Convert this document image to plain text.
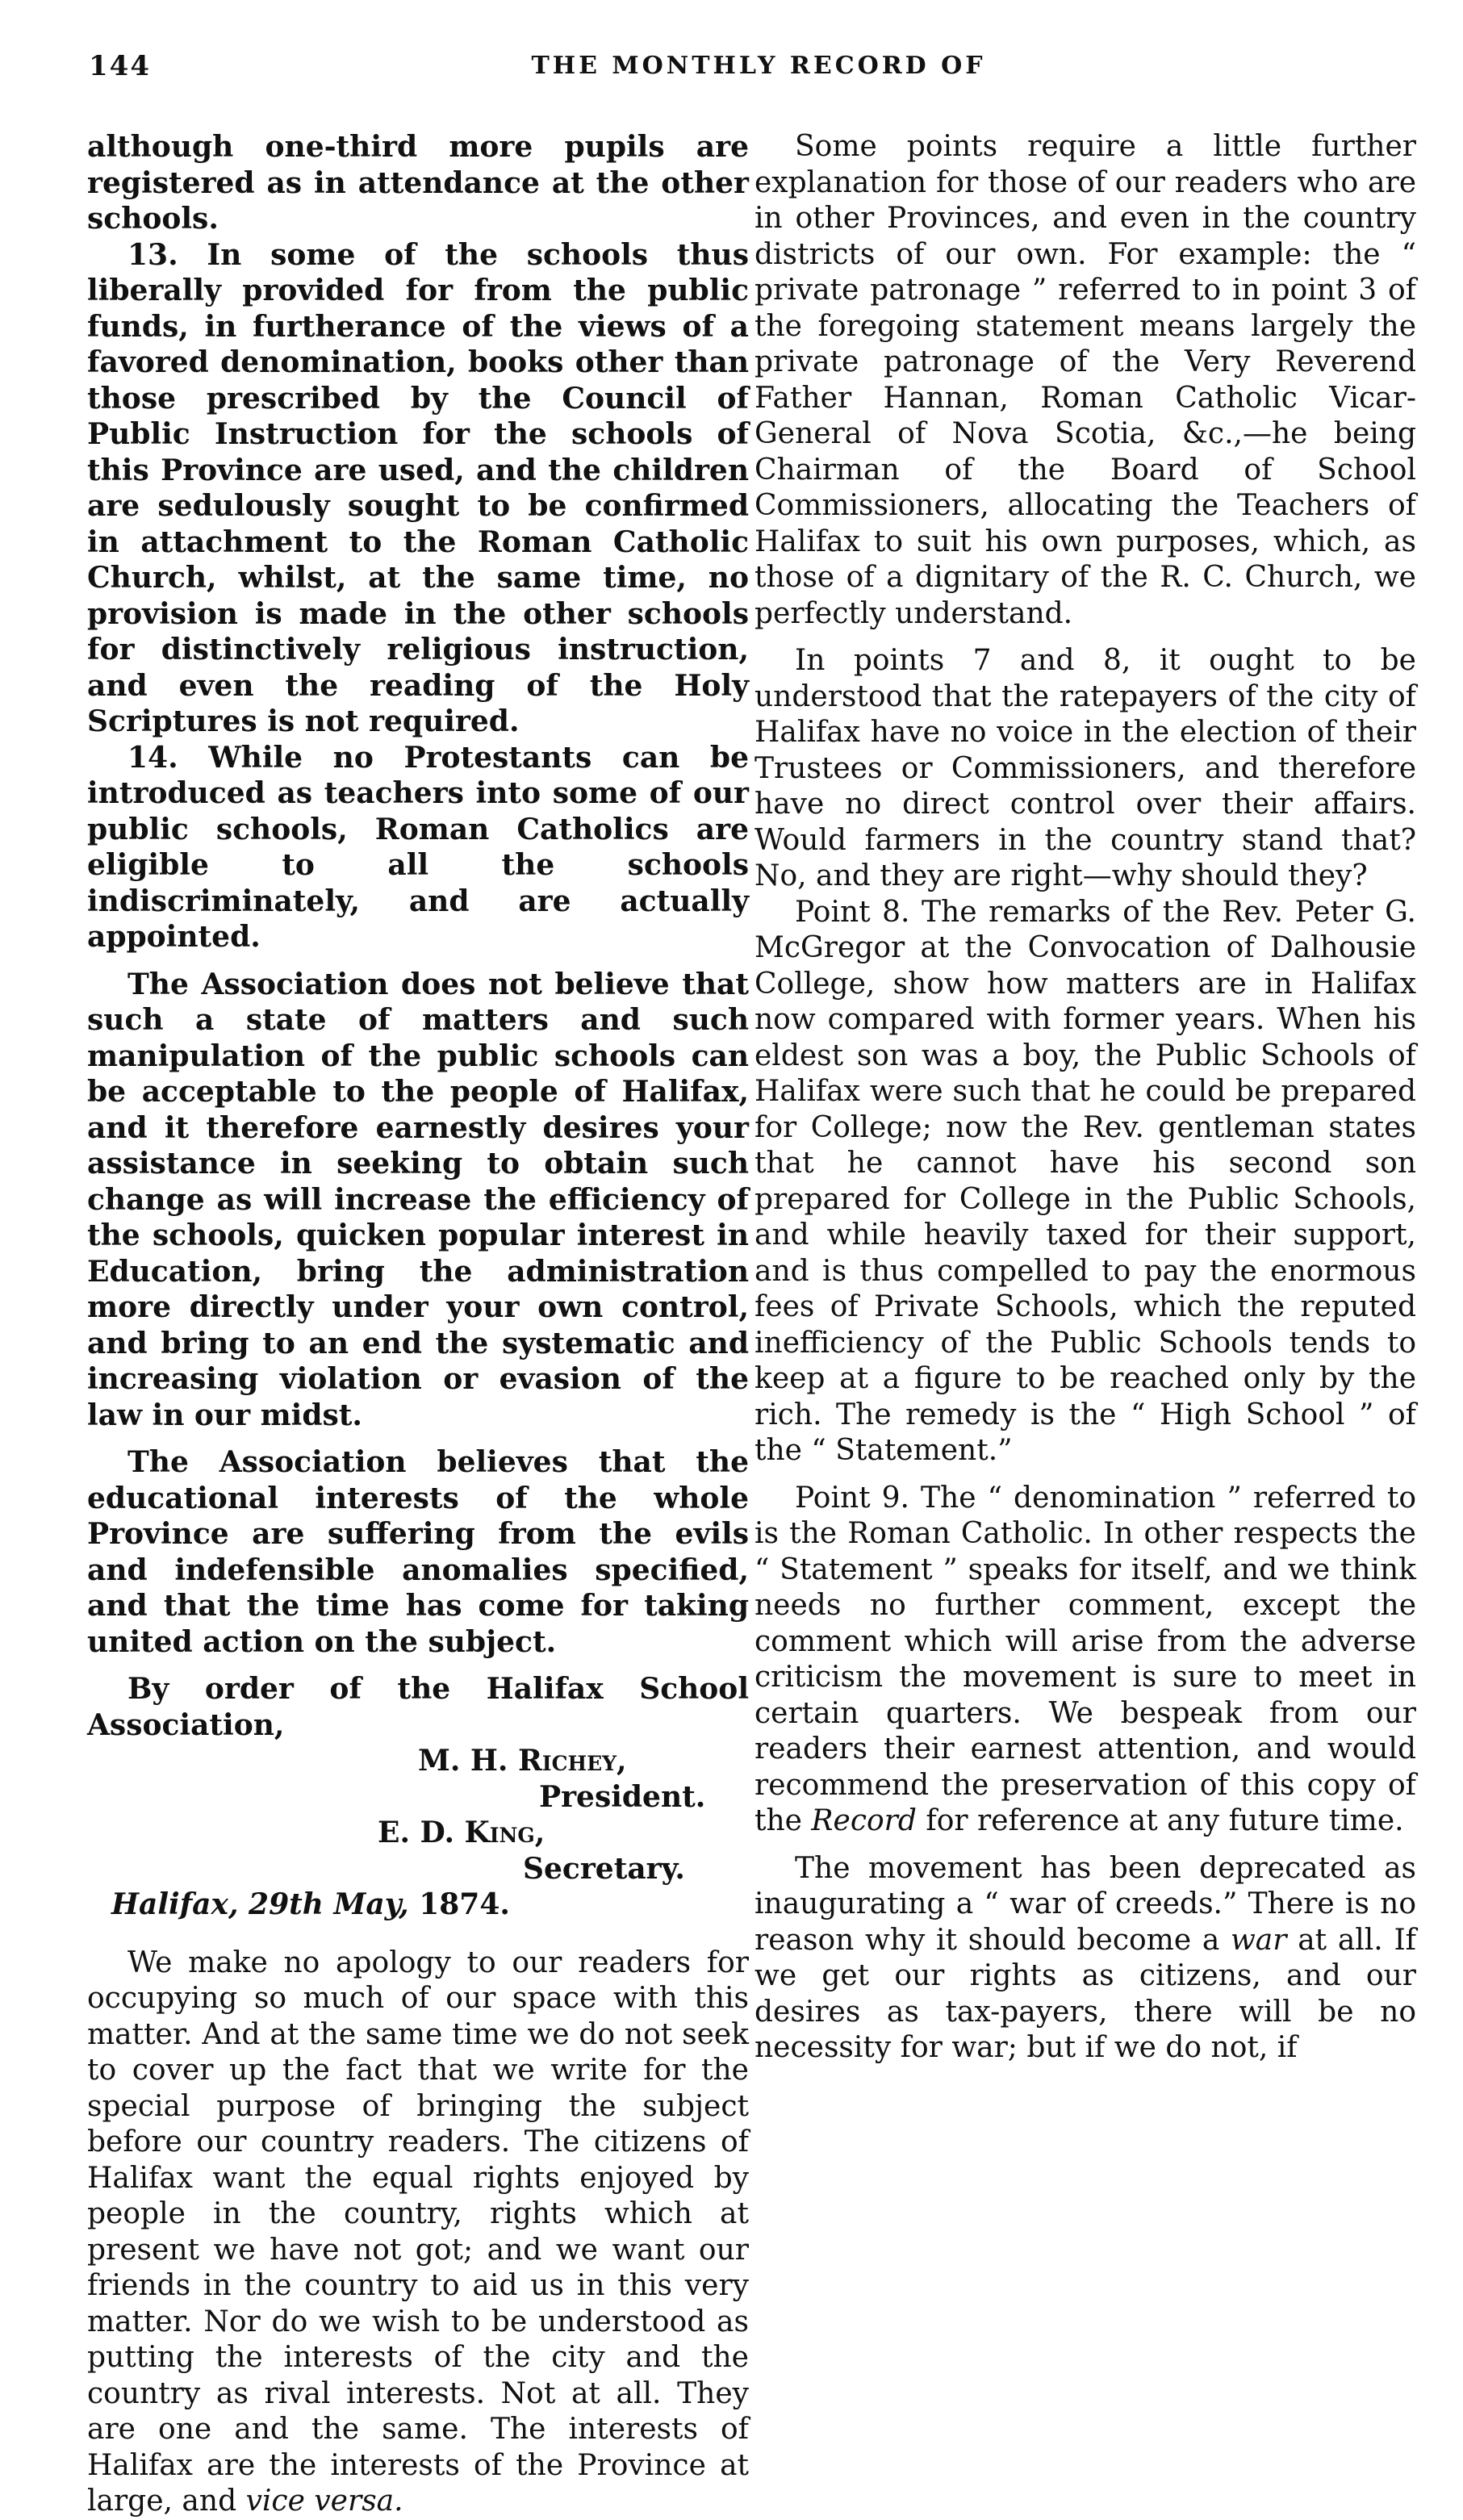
144	THE MONTHLY RECORD OF

although one-third more pupils are registered as in attendance at the other schools.

13. In some of the schools thus liberally provided for from the public funds, in furtherance of the views of a favored denomination, books other than those prescribed by the Council of Public Instruction for the schools of this Province are used, and the children are sedulously sought to be confirmed in attachment to the Roman Catholic Church, whilst, at the same time, no provision is made in the other schools for distinctively religious instruction, and even the reading of the Holy Scriptures is not required.

14. While no Protestants can be introduced as teachers into some of our public schools, Roman Catholics are eligible to all the schools indiscriminately, and are actually appointed.

The Association does not believe that such a state of matters and such manipulation of the public schools can be acceptable to the people of Halifax, and it therefore earnestly desires your assistance in seeking to obtain such change as will increase the efficiency of the schools, quicken popular interest in Education, bring the administration more directly under your own control, and bring to an end the systematic and increasing violation or evasion of the law in our midst.

The Association believes that the educational interests of the whole Province are suffering from the evils and indefensible anomalies specified, and that the time has come for taking united action on the subject.

By order of the Halifax School Association,

M. H. Richey,

President.

E. D. King,

Secretary.

Halifax, 29th May, 1874.

We make no apology to our readers for occupying so much of our space with this matter. And at the same time we do not seek to cover up the fact that we write for the special purpose of bringing the subject before our country readers. The citizens of Halifax want the equal rights enjoyed by people in the country, rights which at present we have not got; and we want our friends in the country to aid us in this very matter. Nor do we wish to be understood as putting the interests of the city and the country as rival interests. Not at all. They are one and the same. The interests of Halifax are the interests of the Province at large, and vice versa.

Some points require a little further explanation for those of our readers who are in other Provinces, and even in the country districts of our own. For example: the “ private patronage ” referred to in point 3 of the foregoing statement means largely the private patronage of the Very Reverend Father Hannan, Roman Catholic Vicar-General of Nova Scotia, &c.,—he being Chairman of the Board of School Commissioners, allocating the Teachers of Halifax to suit his own purposes, which, as those of a dignitary of the R. C. Church, we perfectly understand.

In points 7 and 8, it ought to be understood that the ratepayers of the city of Halifax have no voice in the election of their Trustees or Commissioners, and therefore have no direct control over their affairs. Would farmers in the country stand that? No, and they are right—why should they?

Point 8. The remarks of the Rev. Peter G. McGregor at the Convocation of Dalhousie College, show how matters are in Halifax now compared with former years. When his eldest son was a boy, the Public Schools of Halifax were such that he could be prepared for College; now the Rev. gentleman states that he cannot have his second son prepared for College in the Public Schools, and while heavily taxed for their support, and is thus compelled to pay the enormous fees of Private Schools, which the reputed inefficiency of the Public Schools tends to keep at a figure to be reached only by the rich. The remedy is the “ High School ” of the “ Statement.”

Point 9. The “ denomination ” referred to is the Roman Catholic. In other respects the “ Statement ” speaks for itself, and we think needs no further comment, except the comment which will arise from the adverse criticism the movement is sure to meet in certain quarters. We bespeak from our readers their earnest attention, and would recommend the preservation of this copy of the Record for reference at any future time.

The movement has been deprecated as inaugurating a “ war of creeds.” There is no reason why it should become a war at all. If we get our rights as citizens, and our desires as tax-payers, there will be no necessity for war; but if we do not, if
